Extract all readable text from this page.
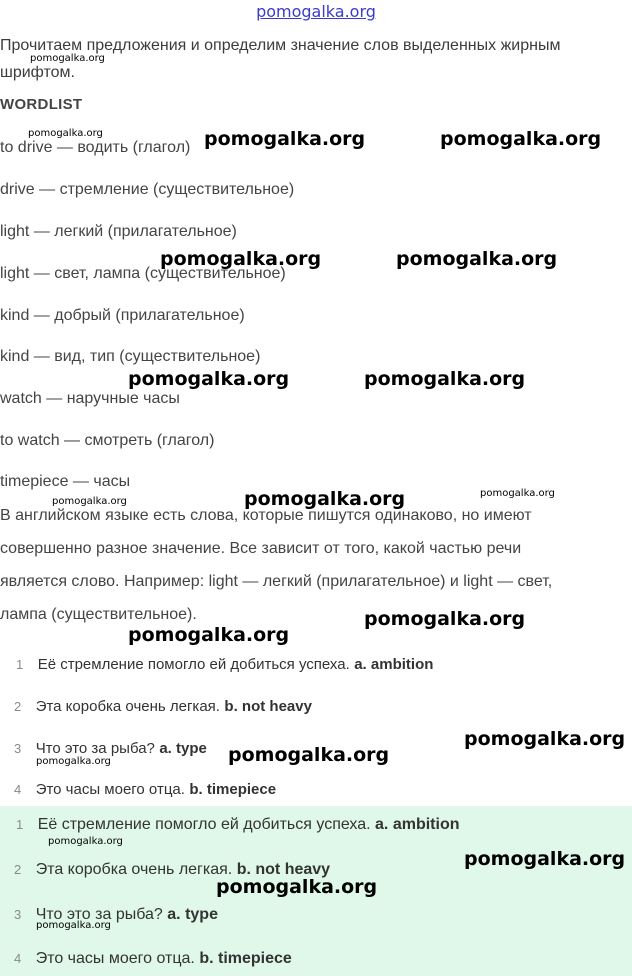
pomogalka.org
Прочитаем предложения и определим значение слов выделенных жирным шрифтом.
WORDLIST
to drive — водить (глагол)
drive — стремление (существительное)
light — легкий (прилагательное)
light — свет, лампа (существительное)
kind — добрый (прилагательное)
kind — вид, тип (существительное)
watch — наручные часы
to watch — смотреть (глагол)
timepiece — часы
В английском языке есть слова, которые пишутся одинаково, но имеют
совершенно разное значение. Все зависит от того, какой частью речи
является слово. Например: light — легкий (прилагательное) и light — свет,
лампа (существительное).
1 Её стремление помогло ей добиться успеха. a. ambition
2 Эта коробка очень легкая. b. not heavy
3 Что это за рыба? a. type
4 Это часы моего отца. b. timepiece
1 Её стремление помогло ей добиться успеха. a. ambition
2 Эта коробка очень легкая. b. not heavy
3 Что это за рыба? a. type
4 Это часы моего отца. b. timepiece
pomogalka.org
pomogalka.org	pomogalka.org	pomogalka.org
pomogalka.org	pomogalka.org
pomogalka.org	pomogalka.org
pomogalka.org	pomogalka.org	pomogalka.org
pomogalka.org
pomogalka.org
pomogalka.org
pomogalka.org
pomogalka.org
pomogalka.org
pomogalka.org
pomogalka.org
pomogalka.org
